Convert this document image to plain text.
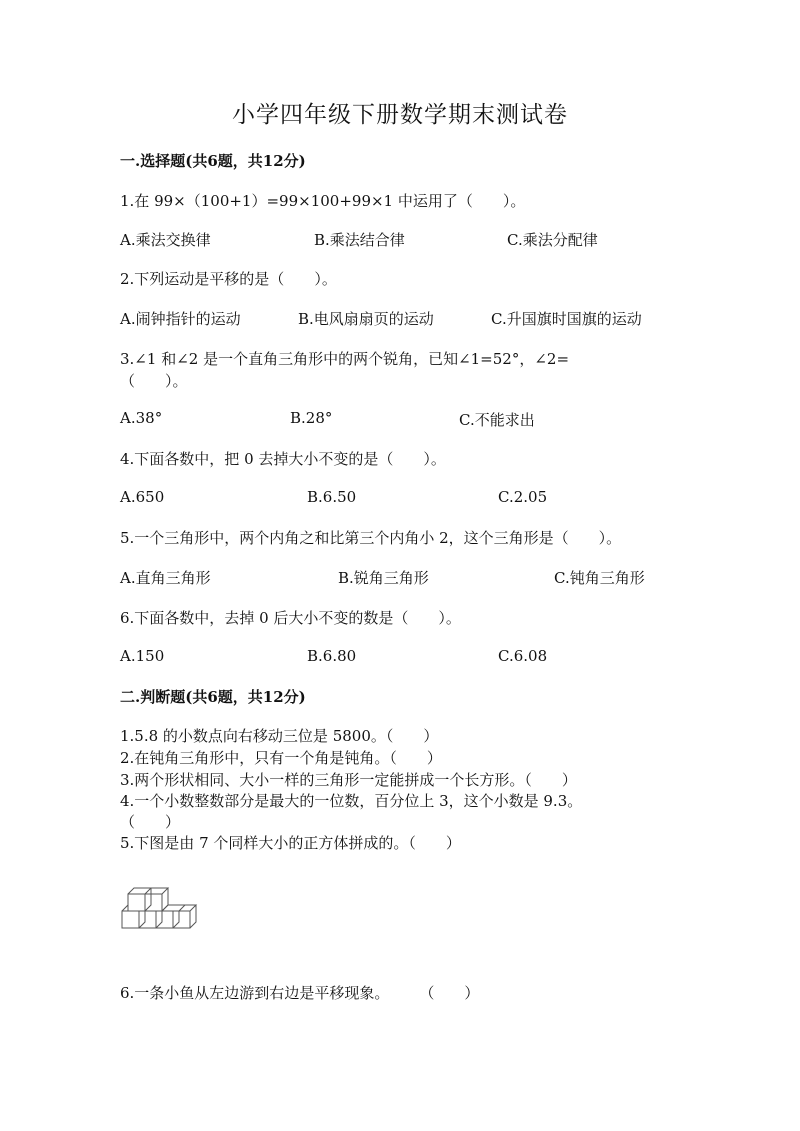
小学四年级下册数学期末测试卷
一.选择题(共6题，共12分)
1.在 99×（100+1）=99×100+99×1 中运用了（　　）。
A.乘法交换律	B.乘法结合律	C.乘法分配律
2.下列运动是平移的是（　　）。
A.闹钟指针的运动	B.电风扇扇页的运动	C.升国旗时国旗的运动
3.∠1 和∠2 是一个直角三角形中的两个锐角，已知∠1=52°，∠2=
（　　）。
A.38°	B.28°	C.不能求出
4.下面各数中，把 0 去掉大小不变的是（　　）。
A.650	B.6.50	C.2.05
5.一个三角形中，两个内角之和比第三个内角小 2，这个三角形是（　　）。
A.直角三角形	B.锐角三角形	C.钝角三角形
6.下面各数中，去掉 0 后大小不变的数是（　　）。
A.150	B.6.80	C.6.08
二.判断题(共6题，共12分)
1.5.8 的小数点向右移动三位是 5800。（　　）
2.在钝角三角形中，只有一个角是钝角。（　　）
3.两个形状相同、大小一样的三角形一定能拼成一个长方形。（　　）
4.一个小数整数部分是最大的一位数，百分位上 3，这个小数是 9.3。
（　　）
5.下图是由 7 个同样大小的正方体拼成的。（　　）
6.一条小鱼从左边游到右边是平移现象。　　　（　　）
